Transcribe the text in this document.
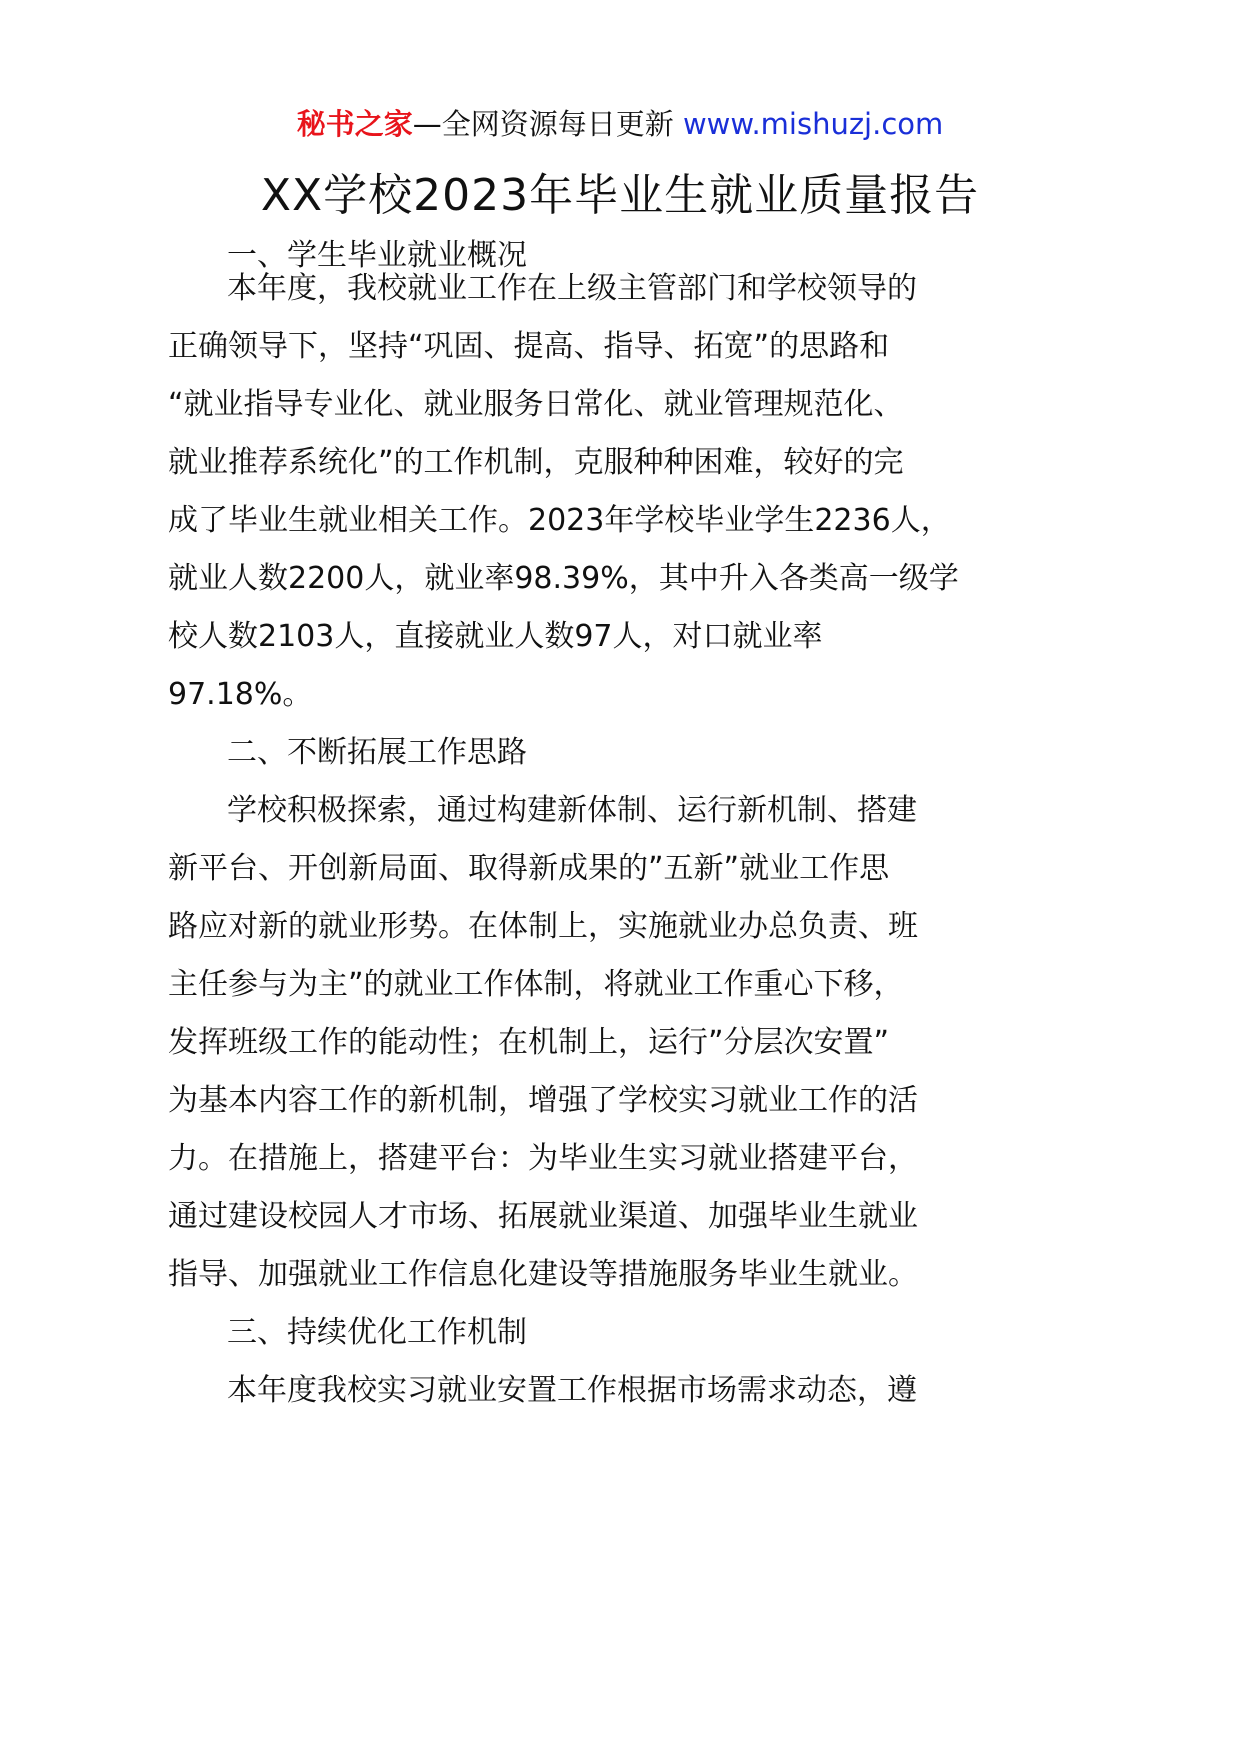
秘书之家—全网资源每日更新 www.mishuzj.com
XX学校2023年毕业生就业质量报告
一、学生毕业就业概况
本年度，我校就业工作在上级主管部门和学校领导的
正确领导下，坚持“巩固、提高、指导、拓宽”的思路和
“就业指导专业化、就业服务日常化、就业管理规范化、
就业推荐系统化”的工作机制，克服种种困难，较好的完
成了毕业生就业相关工作。2023年学校毕业学生2236人，
就业人数2200人，就业率98.39%，其中升入各类高一级学
校人数2103人，直接就业人数97人，对口就业率
97.18%。
二、不断拓展工作思路
学校积极探索，通过构建新体制、运行新机制、搭建
新平台、开创新局面、取得新成果的”五新”就业工作思
路应对新的就业形势。在体制上，实施就业办总负责、班
主任参与为主”的就业工作体制，将就业工作重心下移，
发挥班级工作的能动性；在机制上，运行”分层次安置”
为基本内容工作的新机制，增强了学校实习就业工作的活
力。在措施上，搭建平台：为毕业生实习就业搭建平台，
通过建设校园人才市场、拓展就业渠道、加强毕业生就业
指导、加强就业工作信息化建设等措施服务毕业生就业。
三、持续优化工作机制
本年度我校实习就业安置工作根据市场需求动态，遵
